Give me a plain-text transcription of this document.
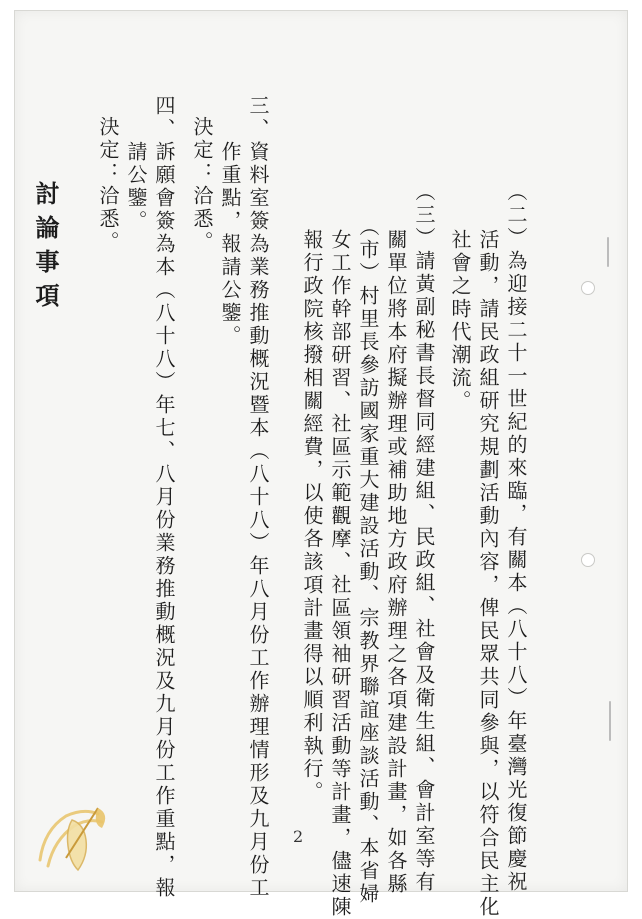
（二）為迎接二十一世紀的來臨，有關本（八十八）年臺灣光復節慶祝
活動，請民政組研究規劃活動內容，俾民眾共同參與，以符合民主化
社會之時代潮流。
（三）請黃副秘書長督同經建組、民政組、社會及衛生組、會計室等有
關單位將本府擬辦理或補助地方政府辦理之各項建設計畫，如各縣
（市）村里長參訪國家重大建設活動、宗教界聯誼座談活動、本省婦
女工作幹部研習、社區示範觀摩、社區領袖研習活動等計畫，儘速陳
報行政院核撥相關經費，以使各該項計畫得以順利執行。
三、資料室簽為業務推動概況暨本（八十八）年八月份工作辦理情形及九月份工
作重點，報請公鑒。
決定：洽悉。
四、訴願會簽為本（八十八）年七、八月份業務推動概況及九月份工作重點，報
請公鑒。
決定：洽悉。
討論事項
2
